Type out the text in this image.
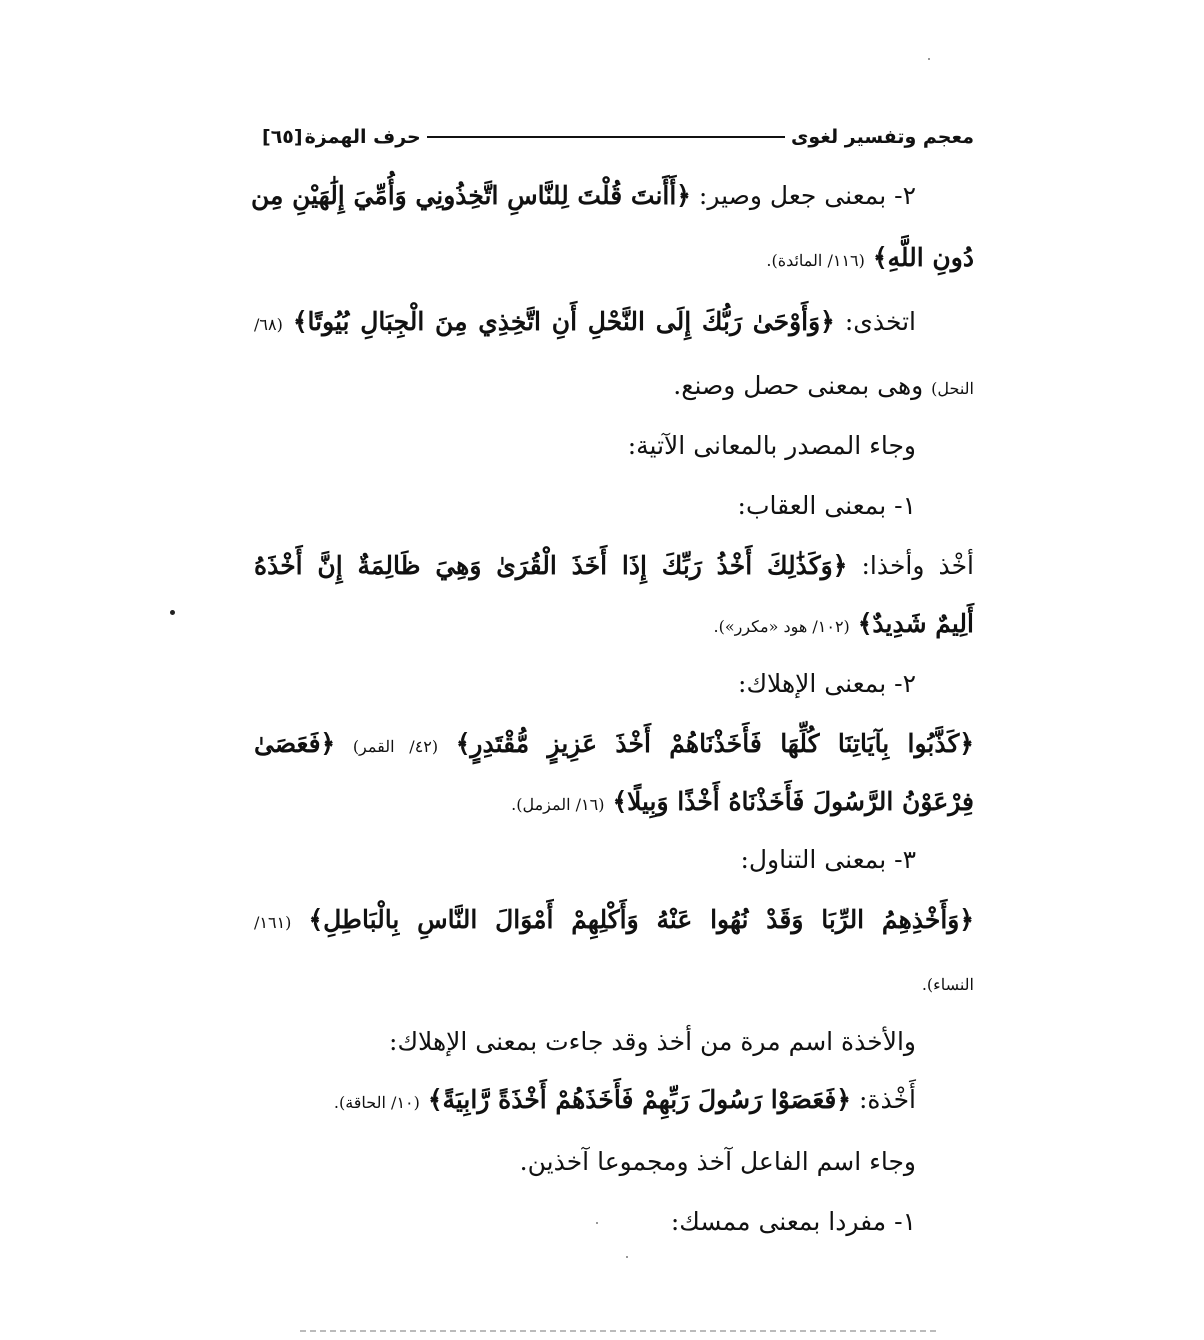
معجم وتفسير لغوى
حرف الهمزة
[٦٥]
٢- بمعنى جعل وصير: ﴿أَأَنتَ قُلْتَ لِلنَّاسِ اتَّخِذُونِي وَأُمِّيَ إِلَٰهَيْنِ مِن
دُونِ اللَّهِ﴾ (١١٦/ المائدة).
اتخذى: ﴿وَأَوْحَىٰ رَبُّكَ إِلَى النَّحْلِ أَنِ اتَّخِذِي مِنَ الْجِبَالِ بُيُوتًا﴾ (٦٨/
النحل) وهى بمعنى حصل وصنع.
وجاء المصدر بالمعانى الآتية:
١- بمعنى العقاب:
أخْذ وأخذا: ﴿وَكَذَٰلِكَ أَخْذُ رَبِّكَ إِذَا أَخَذَ الْقُرَىٰ وَهِيَ ظَالِمَةٌ إِنَّ أَخْذَهُ
أَلِيمٌ شَدِيدٌ﴾ (١٠٢/ هود «مكرر»).
٢- بمعنى الإهلاك:
﴿كَذَّبُوا بِآيَاتِنَا كُلِّهَا فَأَخَذْنَاهُمْ أَخْذَ عَزِيزٍ مُّقْتَدِرٍ﴾ (٤٢/ القمر) ﴿فَعَصَىٰ
فِرْعَوْنُ الرَّسُولَ فَأَخَذْنَاهُ أَخْذًا وَبِيلًا﴾ (١٦/ المزمل).
٣- بمعنى التناول:
﴿وَأَخْذِهِمُ الرِّبَا وَقَدْ نُهُوا عَنْهُ وَأَكْلِهِمْ أَمْوَالَ النَّاسِ بِالْبَاطِلِ﴾ (١٦١/
النساء).
والأخذة اسم مرة من أخذ وقد جاءت بمعنى الإهلاك:
أَخْذة: ﴿فَعَصَوْا رَسُولَ رَبِّهِمْ فَأَخَذَهُمْ أَخْذَةً رَّابِيَةً﴾ (١٠/ الحاقة).
وجاء اسم الفاعل آخذ ومجموعا آخذين.
١- مفردا بمعنى ممسك:
